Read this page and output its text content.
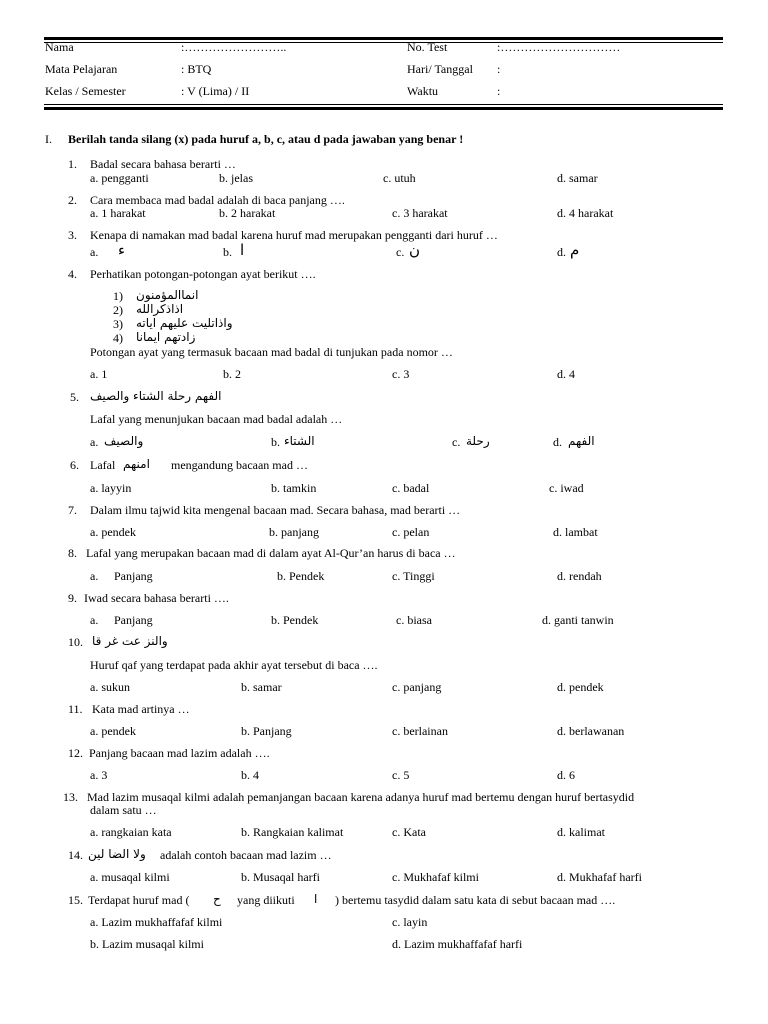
Nama	:……………………..	No. Test	:…………………………
Mata Pelajaran	: BTQ	Hari/ Tanggal :
Kelas / Semester	: V (Lima) / II	Waktu	:
I. Berilah tanda silang (x) pada huruf a, b, c, atau d pada jawaban yang benar !
1. Badal secara bahasa berarti …
a. pengganti	b. jelas	c. utuh	d. samar
2. Cara membaca mad badal adalah di baca panjang ….
a. 1 harakat	b. 2 harakat	c. 3 harakat	d. 4 harakat
3. Kenapa di namakan mad badal karena huruf mad merupakan pengganti dari huruf …
a. ء	b. ا	c. ن	d. م
4. Perhatikan potongan-potongan ayat berikut ….
1) انماالمؤمنون
2) اذاذكرالله
3) واذاتليت عليهم اياته
4) زادتهم ايمانا
Potongan ayat yang termasuk bacaan mad badal di tunjukan pada nomor …
a. 1	b. 2	c. 3	d. 4
5. الفهم رحلة الشتاء والصيف
Lafal yang menunjukan bacaan mad badal adalah …
a. والصيف	b. الشتاء	c. رحلة	d. الفهم
6. Lafal امنهم mengandung bacaan mad …
a. layyin	b. tamkin	c. badal	c. iwad
7. Dalam ilmu tajwid kita mengenal bacaan mad. Secara bahasa, mad berarti …
a. pendek	b. panjang	c. pelan	d. lambat
8. Lafal yang merupakan bacaan mad di dalam ayat Al-Qur’an harus di baca …
a. Panjang	b. Pendek	c. Tinggi	d. rendah
9. Iwad secara bahasa berarti ….
a. Panjang	b. Pendek	c. biasa	d. ganti tanwin
10. والنز عت غر قا
Huruf qaf yang terdapat pada akhir ayat tersebut di baca ….
a. sukun	b. samar	c. panjang	d. pendek
11. Kata mad artinya …
a. pendek	b. Panjang	c. berlainan	d. berlawanan
12. Panjang bacaan mad lazim adalah ….
a. 3	b. 4	c. 5	d. 6
13. Mad lazim musaqal kilmi adalah pemanjangan bacaan karena adanya huruf mad bertemu dengan huruf bertasydid
dalam satu …
a. rangkaian kata	b. Rangkaian kalimat	c. Kata	d. kalimat
14. ولا الضا لين adalah contoh bacaan mad lazim …
a. musaqal kilmi	b. Musaqal harfi	c. Mukhafaf kilmi	d. Mukhafaf harfi
15. Terdapat huruf mad ( ح yang diikuti ا ) bertemu tasydid dalam satu kata di sebut bacaan mad ….
a. Lazim mukhaffafaf kilmi	c. layin
b. Lazim musaqal kilmi	d. Lazim mukhaffafaf harfi
